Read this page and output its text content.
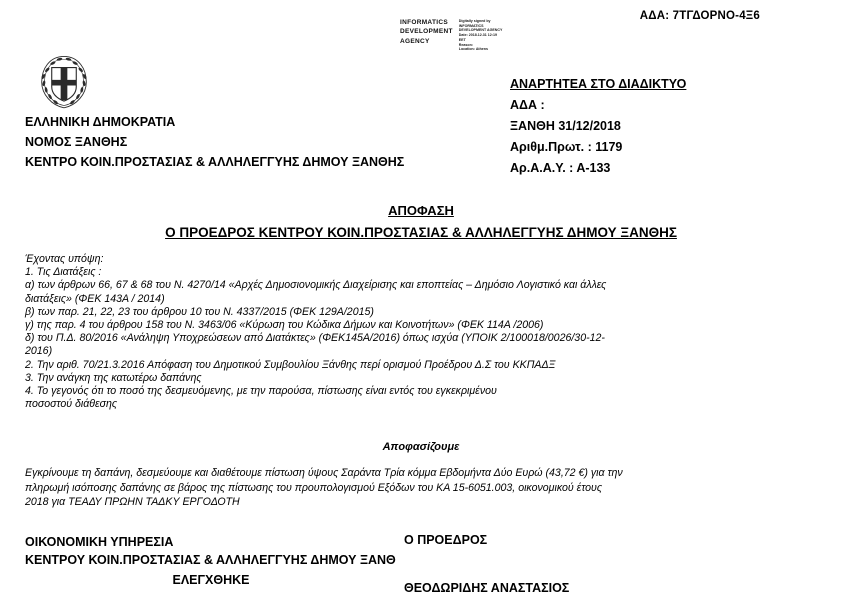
ΑΔΑ: 7ΤΓΔΟΡΝΟ-4Ξ6
INFORMATICS
DEVELOPMENT
AGENCY
Digitally signed by
INFORMATICS
DEVELOPMENT AGENCY
Date: 2018.12.31 12:19
EET
Reason:
Location: Athens
ΕΛΛΗΝΙΚΗ ΔΗΜΟΚΡΑΤΙΑ
ΝΟΜΟΣ ΞΑΝΘΗΣ
ΚΕΝΤΡΟ ΚΟΙΝ.ΠΡΟΣΤΑΣΙΑΣ & ΑΛΛΗΛΕΓΓΥΗΣ ΔΗΜΟΥ ΞΑΝΘΗΣ
ΑΝΑΡΤΗΤΕΑ ΣΤΟ ΔΙΑΔΙΚΤΥΟ
ΑΔΑ :
ΞΑΝΘΗ 31/12/2018
Αριθμ.Πρωτ. : 1179
Αρ.Α.Α.Υ. : Α-133
ΑΠΟΦΑΣΗ
Ο ΠΡΟΕΔΡΟΣ ΚΕΝΤΡΟΥ ΚΟΙΝ.ΠΡΟΣΤΑΣΙΑΣ & ΑΛΛΗΛΕΓΓΥΗΣ ΔΗΜΟΥ ΞΑΝΘΗΣ

Έχοντας υπόψη:

1. Τις Διατάξεις :

α) των άρθρων 66, 67 & 68 του Ν. 4270/14 «Αρχές Δημοσιονομικής Διαχείρισης και εποπτείας – Δημόσιο Λογιστικό και άλλες

διατάξεις» (ΦΕΚ 143Α / 2014)

β) των παρ. 21, 22, 23 του άρθρου 10 του Ν. 4337/2015 (ΦΕΚ 129Α/2015)

γ) της παρ. 4 του άρθρου 158 του Ν. 3463/06 «Κύρωση του Κώδικα Δήμων και Κοινοτήτων» (ΦΕΚ 114Α /2006)

δ) του Π.Δ. 80/2016 «Ανάληψη Υποχρεώσεων από Διατάκτες» (ΦΕΚ145Α/2016) όπως ισχύα (ΥΠΟΙΚ 2/100018/0026/30-12-

2016)

2. Την αριθ. 70/21.3.2016 Απόφαση του Δημοτικού Συμβουλίου Ξάνθης περί ορισμού Προέδρου Δ.Σ του ΚΚΠΑΔΞ

3. Την ανάγκη της κατωτέρω δαπάνης

4. Το γεγονός ότι το ποσό της δεσμευόμενης, με την παρούσα, πίστωσης είναι εντός του εγκεκριμένου

ποσοστού διάθεσης

Αποφασίζουμε

Εγκρίνουμε τη δαπάνη, δεσμεύουμε και διαθέτουμε πίστωση ύψους Σαράντα Τρία κόμμα Εβδομήντα Δύο Ευρώ (43,72 €) για την

πληρωμή ισόποσης δαπάνης σε βάρος της πίστωσης του προυπολογισμού Εξόδων του ΚΑ 15-6051.003, οικονομικού έτους

2018 για ΤΕΑΔΥ ΠΡΩΗΝ ΤΑΔΚΥ ΕΡΓΟΔΟΤΗ

ΟΙΚΟΝΟΜΙΚΗ ΥΠΗΡΕΣΙΑ
ΚΕΝΤΡΟΥ ΚΟΙΝ.ΠΡΟΣΤΑΣΙΑΣ & ΑΛΛΗΛΕΓΓΥΗΣ ΔΗΜΟΥ ΞΑΝΘ
ΕΛΕΓΧΘΗΚΕ
Ο ΠΡΟΕΔΡΟΣ
ΘΕΟΔΩΡΙΔΗΣ ΑΝΑΣΤΑΣΙΟΣ
